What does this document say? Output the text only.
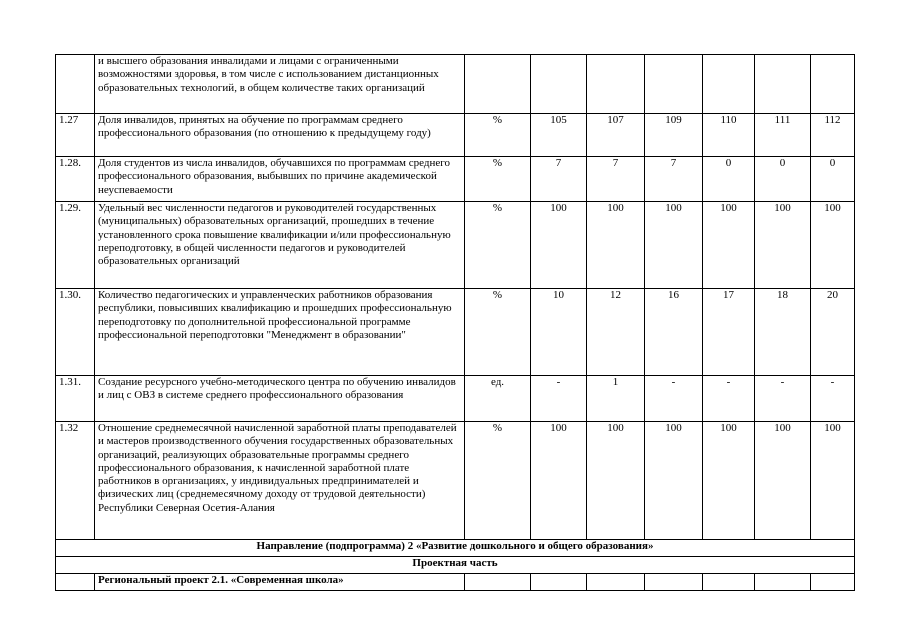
	и высшего образования инвалидами и лицами с ограниченными возможностями здоровья, в том числе с использованием дистанционных образовательных технологий, в общем количестве таких организаций							
1.27	Доля инвалидов, принятых на обучение по программам среднего профессионального образования (по отношению к предыдущему году)	%	105	107	109	110	111	112
1.28.	Доля студентов из числа инвалидов, обучавшихся по программам среднего профессионального образования, выбывших по причине академической неуспеваемости	%	7	7	7	0	0	0
1.29.	Удельный вес численности педагогов и руководителей государственных (муниципальных) образовательных организаций, прошедших в течение установленного срока повышение квалификации и/или профессиональную переподготовку, в общей численности педагогов и руководителей образовательных организаций	%	100	100	100	100	100	100
1.30.	Количество педагогических и управленческих работников образования республики, повысивших квалификацию и прошедших профессиональную переподготовку по дополнительной профессиональной программе профессиональной переподготовки "Менеджмент в образовании"	%	10	12	16	17	18	20
1.31.	Создание ресурсного учебно-методического центра по обучению инвалидов и лиц с ОВЗ в системе среднего профессионального образования	ед.	-	1	-	-	-	-
1.32	Отношение среднемесячной начисленной заработной платы преподавателей и мастеров производственного обучения государственных образовательных организаций, реализующих образовательные программы среднего профессионального образования, к начисленной заработной плате работников в организациях, у индивидуальных предпринимателей и физических лиц (среднемесячному доходу от трудовой деятельности) Республики Северная Осетия-Алания	%	100	100	100	100	100	100
Направление (подпрограмма) 2 «Развитие дошкольного и общего образования»								
Проектная часть								
	Региональный проект 2.1. «Современная школа»							
